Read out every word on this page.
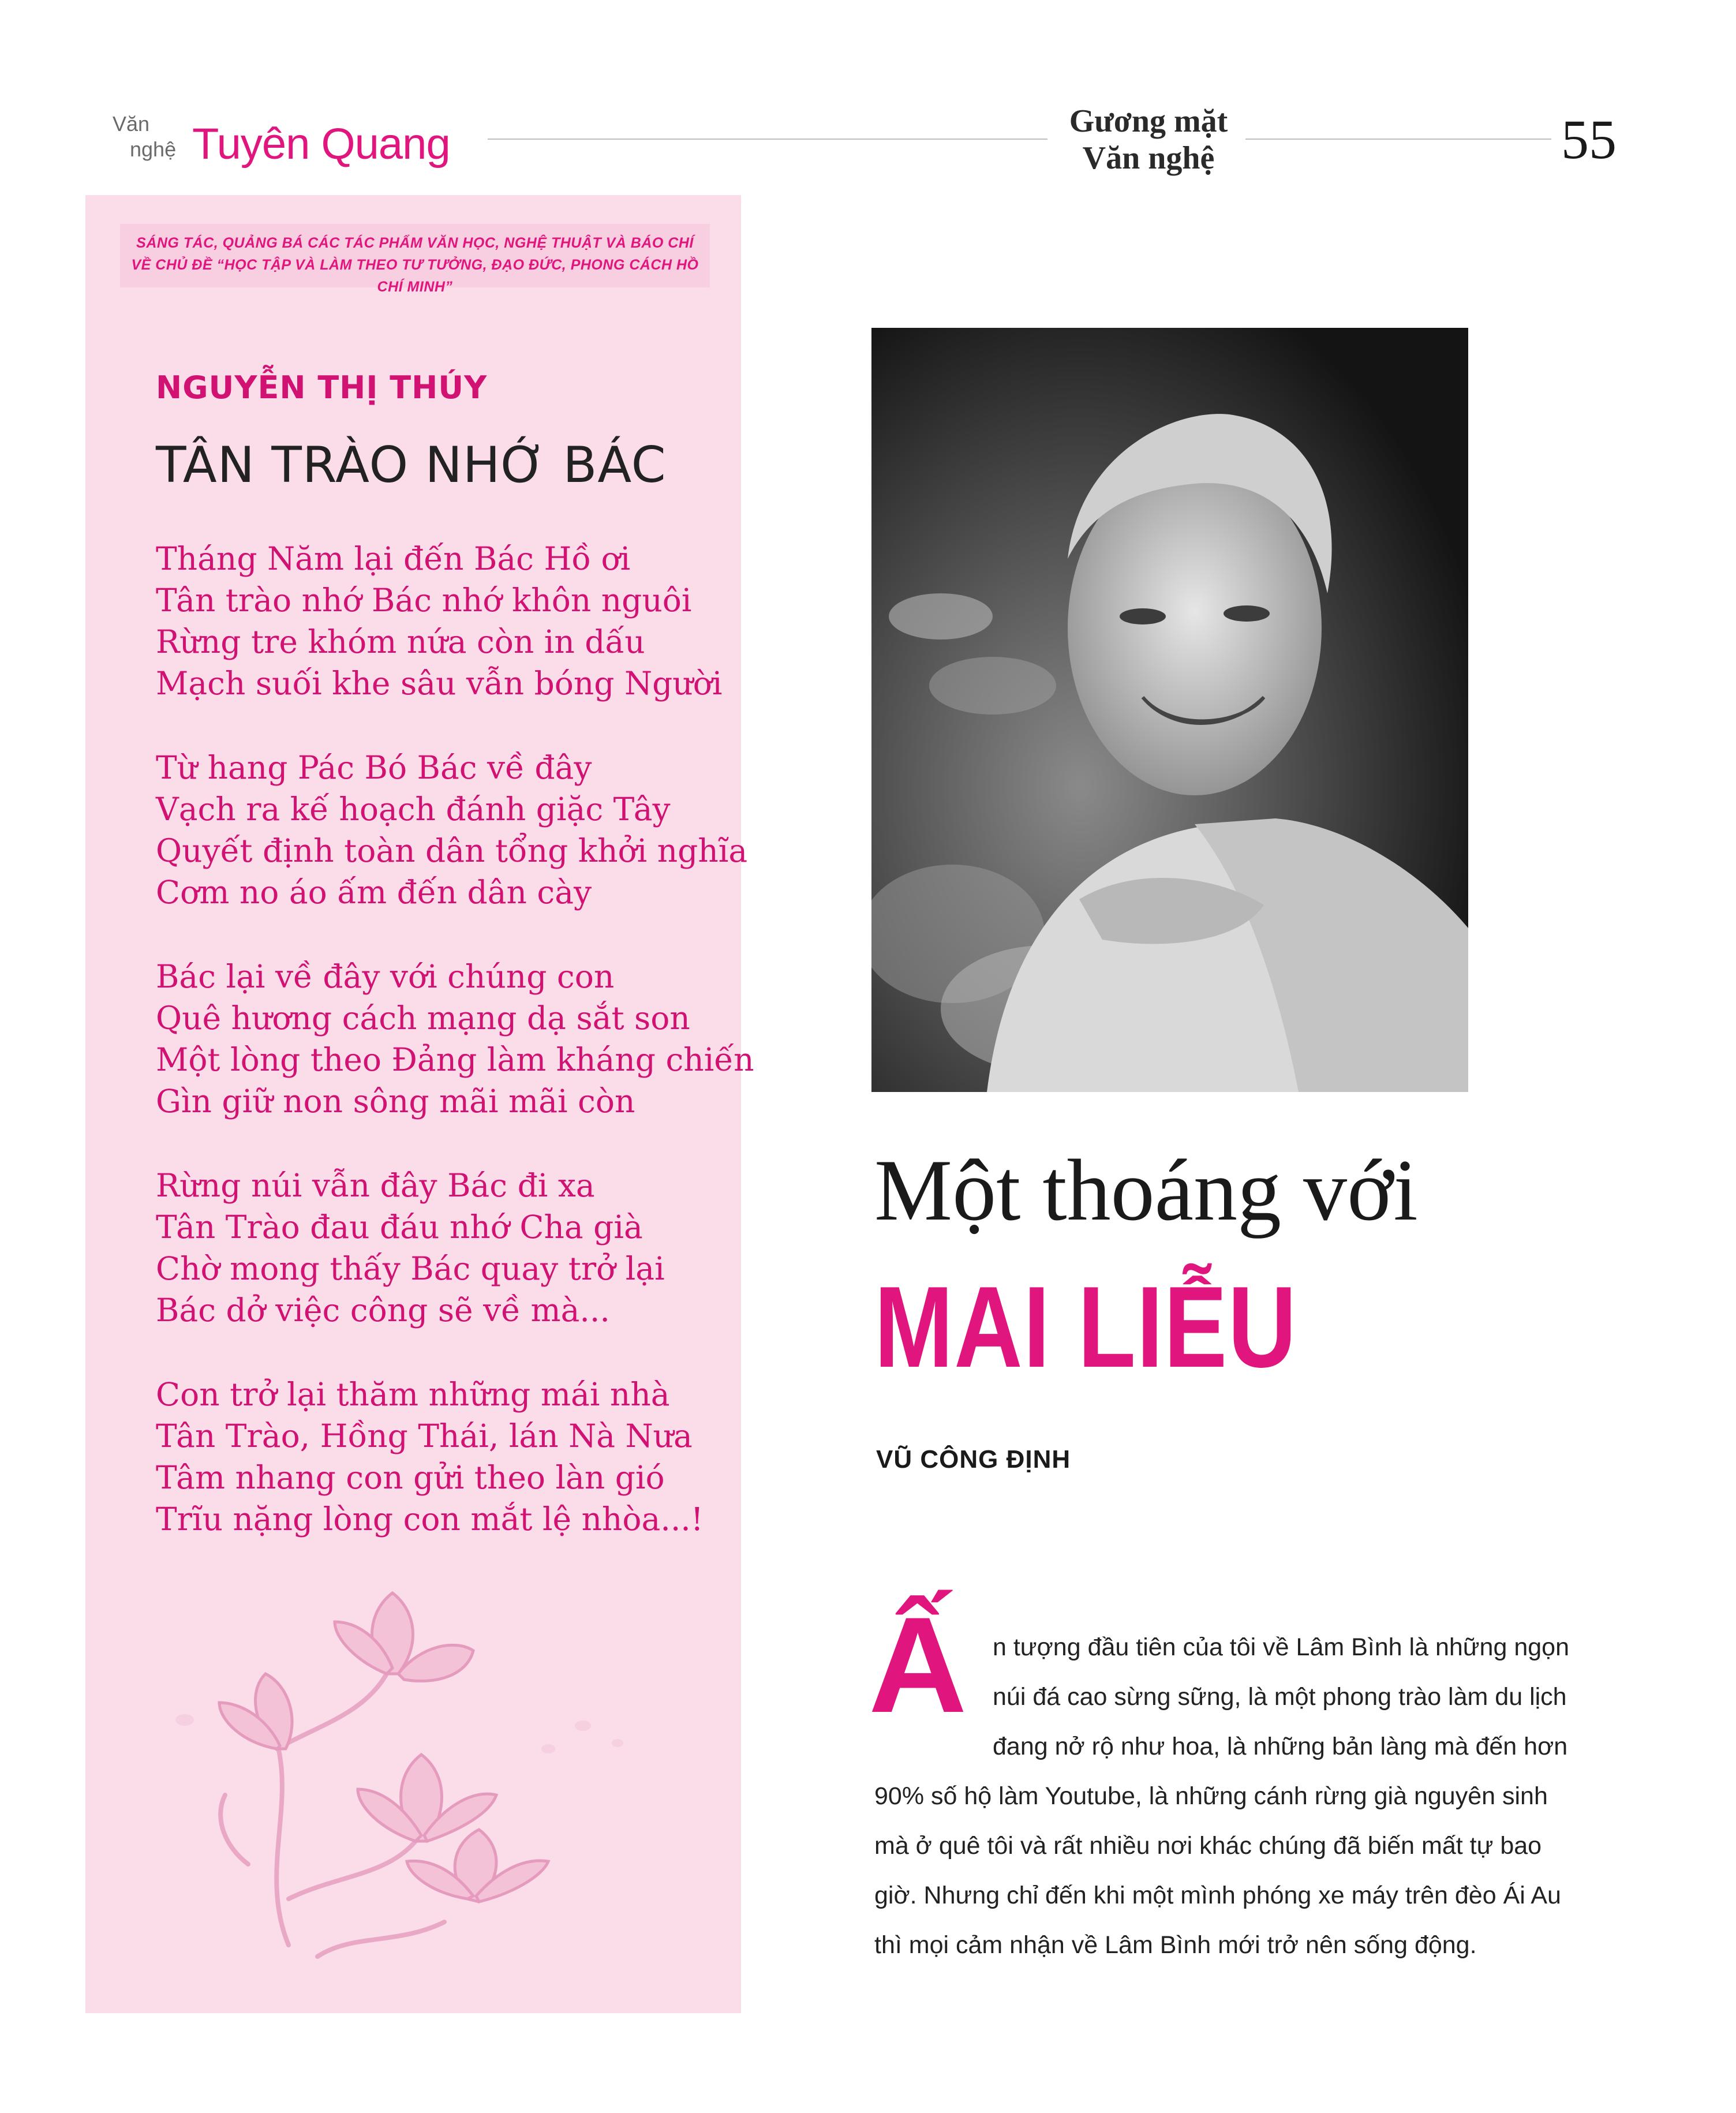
Văn
nghệ Tuyên Quang	Gương mặt
Văn nghệ	55
SÁNG TÁC, QUẢNG BÁ CÁC TÁC PHẨM VĂN HỌC, NGHỆ THUẬT VÀ BÁO CHÍ
VỀ CHỦ ĐỀ “HỌC TẬP VÀ LÀM THEO TƯ TƯỞNG, ĐẠO ĐỨC, PHONG CÁCH HỒ CHÍ MINH”
NGUYỄN THỊ THÚY
TÂN TRÀO NHỚ BÁC
Tháng Năm lại đến Bác Hồ ơi
Tân trào nhớ Bác nhớ khôn nguôi
Rừng tre khóm nứa còn in dấu
Mạch suối khe sâu vẫn bóng Người
Từ hang Pác Bó Bác về đây
Vạch ra kế hoạch đánh giặc Tây
Quyết định toàn dân tổng khởi nghĩa
Cơm no áo ấm đến dân cày
Bác lại về đây với chúng con
Quê hương cách mạng dạ sắt son
Một lòng theo Đảng làm kháng chiến
Gìn giữ non sông mãi mãi còn
Rừng núi vẫn đây Bác đi xa
Tân Trào đau đáu nhớ Cha già
Chờ mong thấy Bác quay trở lại
Bác dở việc công sẽ về mà...
Con trở lại thăm những mái nhà
Tân Trào, Hồng Thái, lán Nà Nưa
Tâm nhang con gửi theo làn gió
Trĩu nặng lòng con mắt lệ nhòa...!
Một thoáng với
MAI LIỄU
VŨ CÔNG ĐỊNH
Ấ n tượng đầu tiên của tôi về Lâm Bình là những ngọn
núi đá cao sừng sững, là một phong trào làm du lịch
đang nở rộ như hoa, là những bản làng mà đến hơn
90% số hộ làm Youtube, là những cánh rừng già nguyên sinh
mà ở quê tôi và rất nhiều nơi khác chúng đã biến mất tự bao
giờ. Nhưng chỉ đến khi một mình phóng xe máy trên đèo Ái Au
thì mọi cảm nhận về Lâm Bình mới trở nên sống động.
